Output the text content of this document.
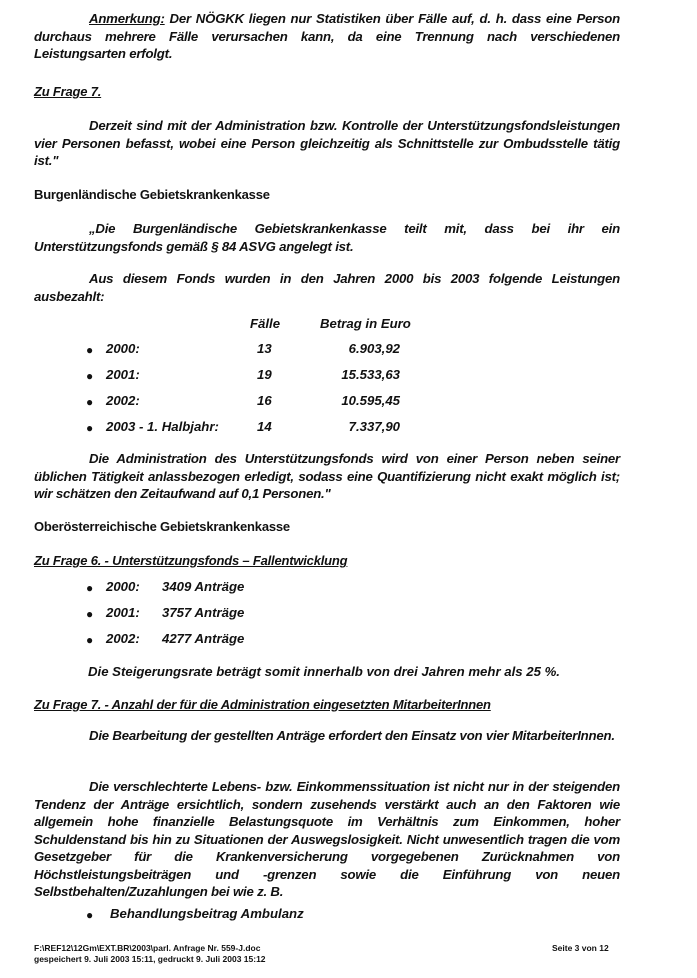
Anmerkung: Der NÖGKK liegen nur Statistiken über Fälle auf, d. h. dass eine Person durchaus mehrere Fälle verursachen kann, da eine Trennung nach verschiedenen Leistungsarten erfolgt.
Zu Frage 7.
Derzeit sind mit der Administration bzw. Kontrolle der Unterstützungsfondsleistungen vier Personen befasst, wobei eine Person gleichzeitig als Schnittstelle zur Ombudsstelle tätig ist."
Burgenländische Gebietskrankenkasse
„Die Burgenländische Gebietskrankenkasse teilt mit, dass bei ihr ein Unterstützungsfonds gemäß § 84 ASVG angelegt ist.
Aus diesem Fonds wurden in den Jahren 2000 bis 2003 folgende Leistungen ausbezahlt:
Fälle	Betrag in Euro
● 2000:	13	6.903,92
● 2001:	19	15.533,63
● 2002:	16	10.595,45
● 2003 - 1. Halbjahr:	14	7.337,90
Die Administration des Unterstützungsfonds wird von einer Person neben seiner üblichen Tätigkeit anlassbezogen erledigt, sodass eine Quantifizierung nicht exakt möglich ist; wir schätzen den Zeitaufwand auf 0,1 Personen."
Oberösterreichische Gebietskrankenkasse
Zu Frage 6. - Unterstützungsfonds – Fallentwicklung
● 2000: 3409 Anträge
● 2001: 3757 Anträge
● 2002: 4277 Anträge
Die Steigerungsrate beträgt somit innerhalb von drei Jahren mehr als 25 %.
Zu Frage 7. - Anzahl der für die Administration eingesetzten MitarbeiterInnen
Die Bearbeitung der gestellten Anträge erfordert den Einsatz von vier MitarbeiterInnen.
Die verschlechterte Lebens- bzw. Einkommenssituation ist nicht nur in der steigenden Tendenz der Anträge ersichtlich, sondern zusehends verstärkt auch an den Faktoren wie allgemein hohe finanzielle Belastungsquote im Verhältnis zum Einkommen, hoher Schuldenstand bis hin zu Situationen der Auswegslosigkeit. Nicht unwesentlich tragen die vom Gesetzgeber für die Krankenversicherung vorgegebenen Zurücknahmen von Höchstleistungsbeiträgen und -grenzen sowie die Einführung von neuen Selbstbehalten/Zuzahlungen bei wie z. B.
● Behandlungsbeitrag Ambulanz
F:\REF12\12Gm\EXT.BR\2003\parl. Anfrage Nr. 559-J.doc
gespeichert 9. Juli 2003 15:11, gedruckt 9. Juli 2003 15:12
Seite 3 von 12
